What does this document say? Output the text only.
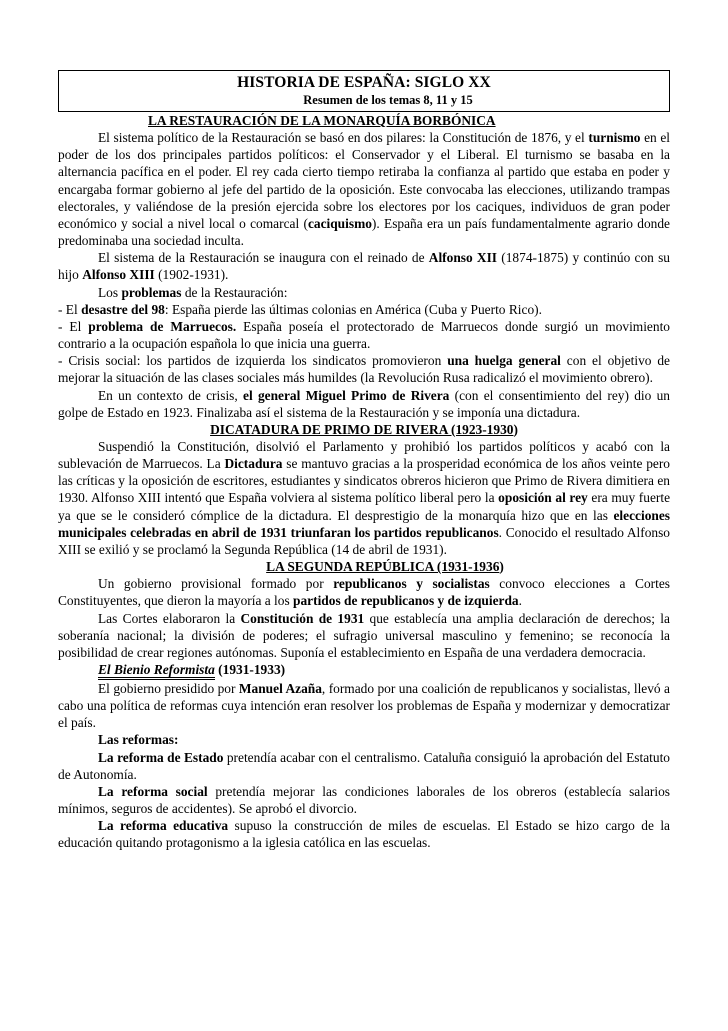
HISTORIA DE ESPAÑA: SIGLO XX
Resumen de los temas 8, 11 y 15

LA RESTAURACIÓN DE LA MONARQUÍA BORBÓNICA

El sistema político de la Restauración se basó en dos pilares: la Constitución de 1876, y el turnismo en el poder de los dos principales partidos políticos: el Conservador y el Liberal. El turnismo se basaba en la alternancia pacífica en el poder. El rey cada cierto tiempo retiraba la confianza al partido que estaba en poder y encargaba formar gobierno al jefe del partido de la oposición. Este convocaba las elecciones, utilizando trampas electorales, y valiéndose de la presión ejercida sobre los electores por los caciques, individuos de gran poder económico y social a nivel local o comarcal (caciquismo). España era un país fundamentalmente agrario donde predominaba una sociedad inculta.

El sistema de la Restauración se inaugura con el reinado de Alfonso XII (1874-1875) y continúo con su hijo Alfonso XIII (1902-1931).

Los problemas de la Restauración:

- El desastre del 98: España pierde las últimas colonias en América (Cuba y Puerto Rico).

- El problema de Marruecos. España poseía el protectorado de Marruecos donde surgió un movimiento contrario a la ocupación española lo que inicia una guerra.

- Crisis social: los partidos de izquierda los sindicatos promovieron una huelga general con el objetivo de mejorar la situación de las clases sociales más humildes (la Revolución Rusa radicalizó el movimiento obrero).

En un contexto de crisis, el general Miguel Primo de Rivera (con el consentimiento del rey) dio un golpe de Estado en 1923. Finalizaba así el sistema de la Restauración y se imponía una dictadura.

DICATADURA DE PRIMO DE RIVERA (1923-1930)

Suspendió la Constitución, disolvió el Parlamento y prohibió los partidos políticos y acabó con la sublevación de Marruecos. La Dictadura se mantuvo gracias a la prosperidad económica de los años veinte pero las críticas y la oposición de escritores, estudiantes y sindicatos obreros hicieron que Primo de Rivera dimitiera en 1930. Alfonso XIII intentó que España volviera al sistema político liberal pero la oposición al rey era muy fuerte ya que se le consideró cómplice de la dictadura. El desprestigio de la monarquía hizo que en las elecciones municipales celebradas en abril de 1931 triunfaran los partidos republicanos. Conocido el resultado Alfonso XIII se exilió y se proclamó la Segunda República (14 de abril de 1931).

LA SEGUNDA REPÚBLICA (1931-1936)

Un gobierno provisional formado por republicanos y socialistas convoco elecciones a Cortes Constituyentes, que dieron la mayoría a los partidos de republicanos y de izquierda.

Las Cortes elaboraron la Constitución de 1931 que establecía una amplia declaración de derechos; la soberanía nacional; la división de poderes; el sufragio universal masculino y femenino; se reconocía la posibilidad de crear regiones autónomas. Suponía el establecimiento en España de una verdadera democracia.

El Bienio Reformista (1931-1933)

El gobierno presidido por Manuel Azaña, formado por una coalición de republicanos y socialistas, llevó a cabo una política de reformas cuya intención eran resolver los problemas de España y modernizar y democratizar el país.

Las reformas:

La reforma de Estado pretendía acabar con el centralismo. Cataluña consiguió la aprobación del Estatuto de Autonomía.

La reforma social pretendía mejorar las condiciones laborales de los obreros (establecía salarios mínimos, seguros de accidentes). Se aprobó el divorcio.

La reforma educativa supuso la construcción de miles de escuelas. El Estado se hizo cargo de la educación quitando protagonismo a la iglesia católica en las escuelas.
